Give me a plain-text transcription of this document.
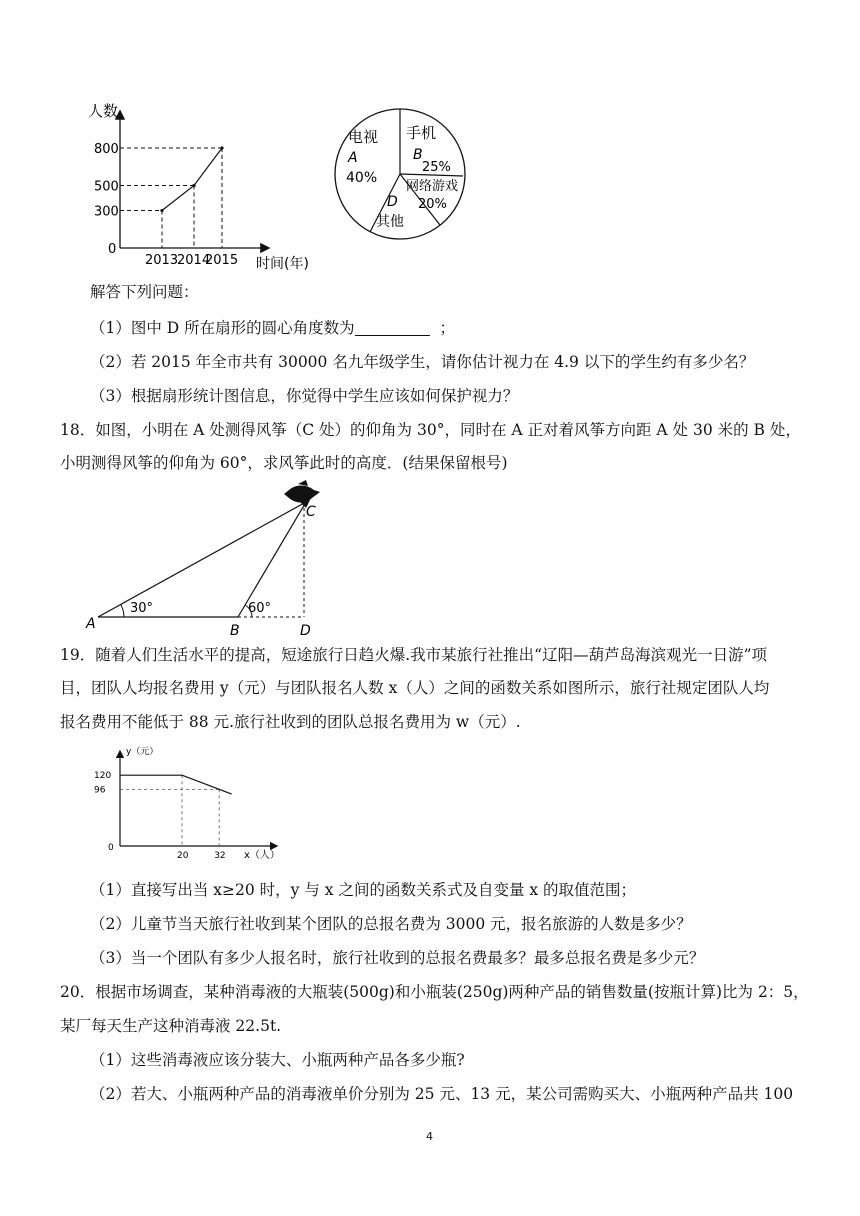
人数
时间(年)
0
800
500
300
2013
2014
2015
电视
A
40%
手机
B
25%
网络游戏
20%
D
其他
解答下列问题：
（1）图中 D 所在扇形的圆心角度数为	；
（2）若 2015 年全市共有 30000 名九年级学生，请你估计视力在 4.9 以下的学生约有多少名？
（3）根据扇形统计图信息，你觉得中学生应该如何保护视力？
18．如图，小明在 A 处测得风筝（C 处）的仰角为 30°，同时在 A 正对着风筝方向距 A 处 30 米的 B 处，
小明测得风筝的仰角为 60°，求风筝此时的高度．(结果保留根号)
A	B
C
D
30°	60°
19．随着人们生活水平的提高，短途旅行日趋火爆.我市某旅行社推出“辽阳—葫芦岛海滨观光一日游”项
目，团队人均报名费用 y（元）与团队报名人数 x（人）之间的函数关系如图所示，旅行社规定团队人均
报名费用不能低于 88 元.旅行社收到的团队总报名费用为 w（元）.
y（元）
x（人）
0
120
96
20	32
（1）直接写出当 x≥20 时，y 与 x 之间的函数关系式及自变量 x 的取值范围；
（2）儿童节当天旅行社收到某个团队的总报名费为 3000 元，报名旅游的人数是多少？
（3）当一个团队有多少人报名时，旅行社收到的总报名费最多？最多总报名费是多少元？
20．根据市场调查，某种消毒液的大瓶装(500g)和小瓶装(250g)两种产品的销售数量(按瓶计算)比为 2：5，
某厂每天生产这种消毒液 22.5t.
（1）这些消毒液应该分装大、小瓶两种产品各多少瓶?
（2）若大、小瓶两种产品的消毒液单价分别为 25 元、13 元，某公司需购买大、小瓶两种产品共 100
4
